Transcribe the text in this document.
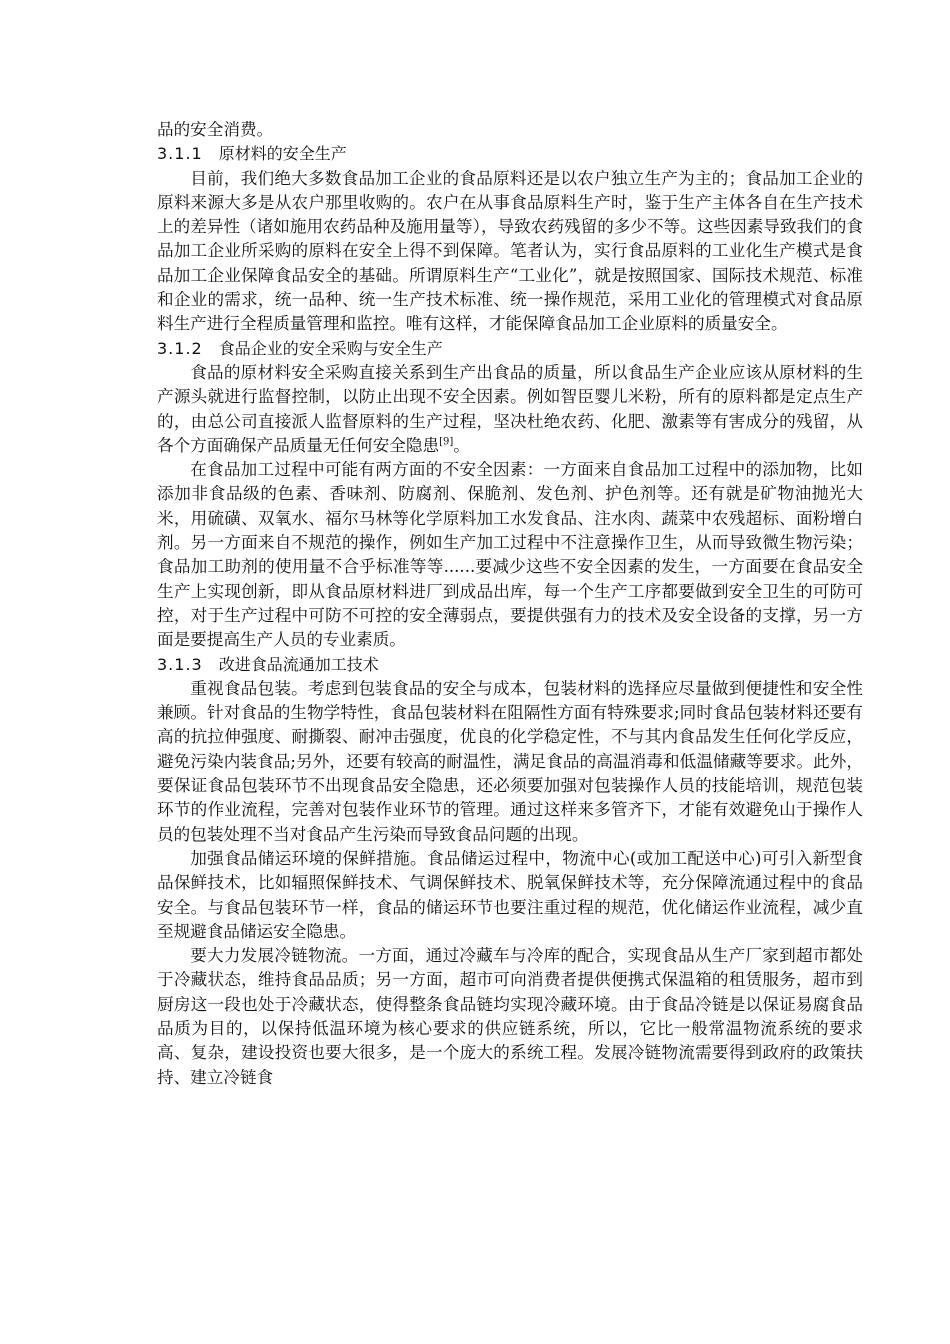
品的安全消费。

3.1.1 原材料的安全生产

目前，我们绝大多数食品加工企业的食品原料还是以农户独立生产为主的；食品加工企业的原料来源大多是从农户那里收购的。农户在从事食品原料生产时，鉴于生产主体各自在生产技术上的差异性（诸如施用农药品种及施用量等），导致农药残留的多少不等。这些因素导致我们的食品加工企业所采购的原料在安全上得不到保障。笔者认为，实行食品原料的工业化生产模式是食品加工企业保障食品安全的基础。所谓原料生产“工业化”，就是按照国家、国际技术规范、标准和企业的需求，统一品种、统一生产技术标准、统一操作规范，采用工业化的管理模式对食品原料生产进行全程质量管理和监控。唯有这样，才能保障食品加工企业原料的质量安全。

3.1.2 食品企业的安全采购与安全生产

食品的原材料安全采购直接关系到生产出食品的质量，所以食品生产企业应该从原材料的生产源头就进行监督控制，以防止出现不安全因素。例如智臣婴儿米粉，所有的原料都是定点生产的，由总公司直接派人监督原料的生产过程，坚决杜绝农药、化肥、激素等有害成分的残留，从各个方面确保产品质量无任何安全隐患[9]。

在食品加工过程中可能有两方面的不安全因素：一方面来自食品加工过程中的添加物，比如添加非食品级的色素、香味剂、防腐剂、保脆剂、发色剂、护色剂等。还有就是矿物油抛光大米，用硫磺、双氧水、福尔马林等化学原料加工水发食品、注水肉、蔬菜中农残超标、面粉增白剂。另一方面来自不规范的操作，例如生产加工过程中不注意操作卫生，从而导致微生物污染；食品加工助剂的使用量不合乎标准等等......要减少这些不安全因素的发生，一方面要在食品安全生产上实现创新，即从食品原材料进厂到成品出库，每一个生产工序都要做到安全卫生的可防可控，对于生产过程中可防不可控的安全薄弱点，要提供强有力的技术及安全设备的支撑，另一方面是要提高生产人员的专业素质。

3.1.3 改进食品流通加工技术

重视食品包装。考虑到包装食品的安全与成本，包装材料的选择应尽量做到便捷性和安全性兼顾。针对食品的生物学特性，食品包装材料在阻隔性方面有特殊要求;同时食品包装材料还要有高的抗拉伸强度、耐撕裂、耐冲击强度，优良的化学稳定性，不与其内食品发生任何化学反应，避免污染内装食品;另外，还要有较高的耐温性，满足食品的高温消毒和低温储藏等要求。此外，要保证食品包装环节不出现食品安全隐患，还必须要加强对包装操作人员的技能培训，规范包装环节的作业流程，完善对包装作业环节的管理。通过这样来多管齐下，才能有效避免山于操作人员的包装处理不当对食品产生污染而导致食品问题的出现。

加强食品储运环境的保鲜措施。食品储运过程中，物流中心(或加工配送中心)可引入新型食品保鲜技术，比如辐照保鲜技术、气调保鲜技术、脱氧保鲜技术等，充分保障流通过程中的食品安全。与食品包装环节一样，食品的储运环节也要注重过程的规范，优化储运作业流程，减少直至规避食品储运安全隐患。

要大力发展冷链物流。一方面，通过冷藏车与冷库的配合，实现食品从生产厂家到超市都处于冷藏状态，维持食品品质；另一方面，超市可向消费者提供便携式保温箱的租赁服务，超市到厨房这一段也处于冷藏状态，使得整条食品链均实现冷藏环境。由于食品冷链是以保证易腐食品品质为目的，以保持低温环境为核心要求的供应链系统，所以，它比一般常温物流系统的要求高、复杂，建设投资也要大很多，是一个庞大的系统工程。发展冷链物流需要得到政府的政策扶持、建立冷链食
